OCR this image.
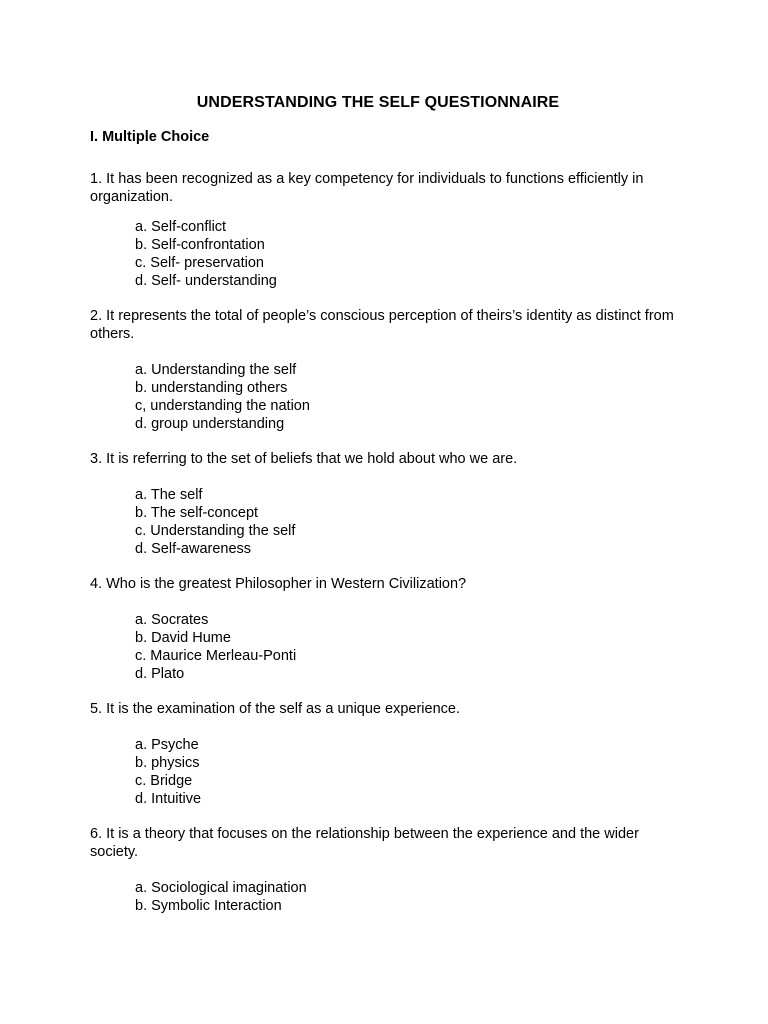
UNDERSTANDING THE SELF QUESTIONNAIRE
I. Multiple Choice
1. It has been recognized as a key competency for individuals to functions efficiently in organization.
a. Self-conflict
b. Self-confrontation
c. Self- preservation
d. Self- understanding
2. It represents the total of people’s conscious perception of theirs’s identity as distinct from others.
a. Understanding the self
b. understanding others
c, understanding the nation
d. group understanding
3. It is referring to the set of beliefs that we hold about who we are.
a. The self
b. The self-concept
c. Understanding the self
d. Self-awareness
4. Who is the greatest Philosopher in Western Civilization?
a. Socrates
b. David Hume
c. Maurice Merleau-Ponti
d. Plato
5. It is the examination of the self as a unique experience.
a. Psyche
b. physics
c. Bridge
d. Intuitive
6. It is a theory that focuses on the relationship between the experience and the wider society.
a. Sociological imagination
b. Symbolic Interaction
